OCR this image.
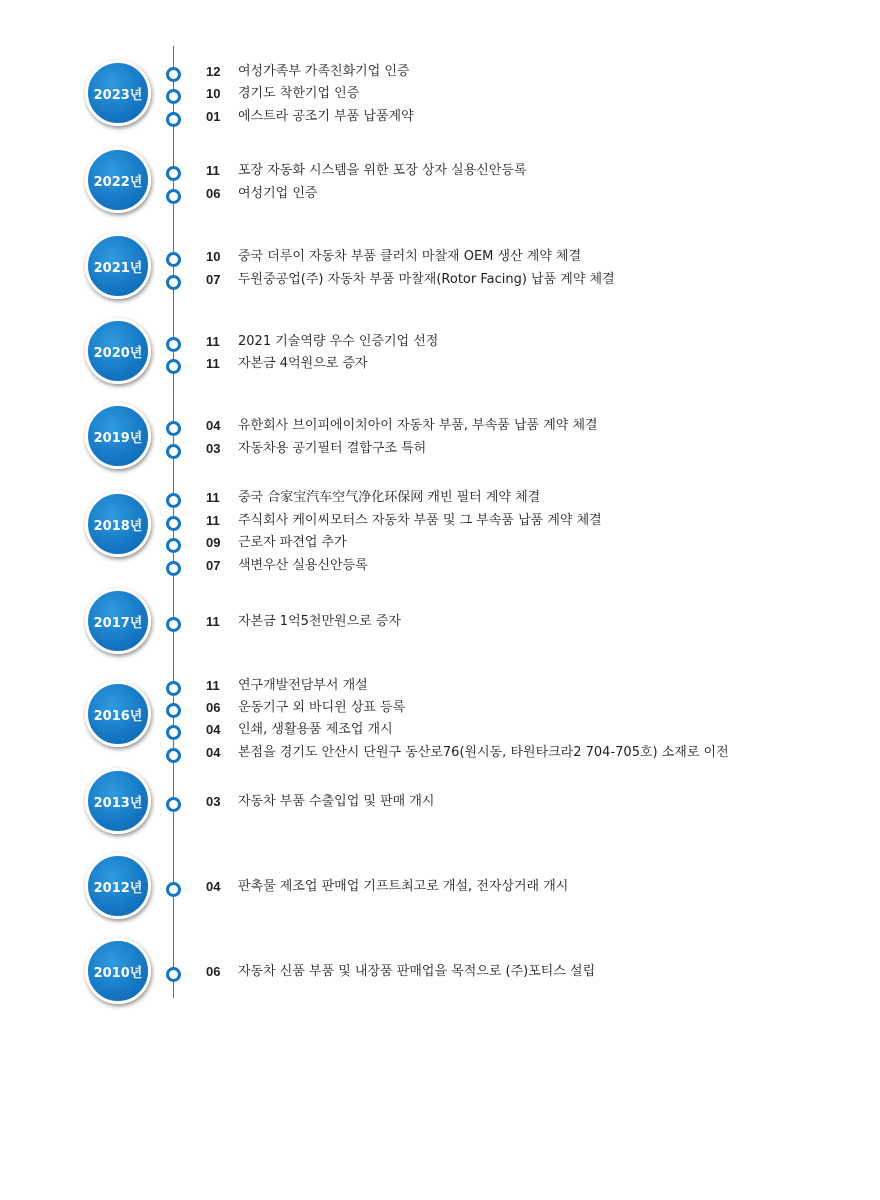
2023년
12 여성가족부 가족친화기업 인증
10 경기도 착한기업 인증
01 에스트라 공조기 부품 납품계약
2022년
11 포장 자동화 시스템을 위한 포장 상자 실용신안등록
06 여성기업 인증
2021년
10 중국 더루이 자동차 부품 클러치 마찰재 OEM 생산 계약 체결
07 두원중공업(주) 자동차 부품 마찰재(Rotor Facing) 납품 계약 체결
2020년
11 2021 기술역량 우수 인증기업 선정
11 자본금 4억원으로 증자
2019년
04 유한회사 브이피에이치아이 자동차 부품, 부속품 납품 계약 체결
03 자동차용 공기필터 결합구조 특허
2018년
11 중국 合家宝汽车空气净化环保网 캐빈 필터 계약 체결
11 주식회사 케이씨모터스 자동차 부품 및 그 부속품 납품 계약 체결
09 근로자 파견업 추가
07 색변우산 실용신안등록
2017년	11 자본금 1억5천만원으로 증자
2016년
11 연구개발전담부서 개설
06 운동기구 외 바디윈 상표 등록
04 인쇄, 생활용품 제조업 개시
04 본점을 경기도 안산시 단원구 동산로76(원시동, 타원타크라2 704-705호) 소재로 이전
2013년	03 자동차 부품 수출입업 및 판매 개시
2012년	04 판촉물 제조업 판매업 기프트최고로 개설, 전자상거래 개시
2010년	06 자동차 신품 부품 및 내장품 판매업을 목적으로 (주)포티스 설립
